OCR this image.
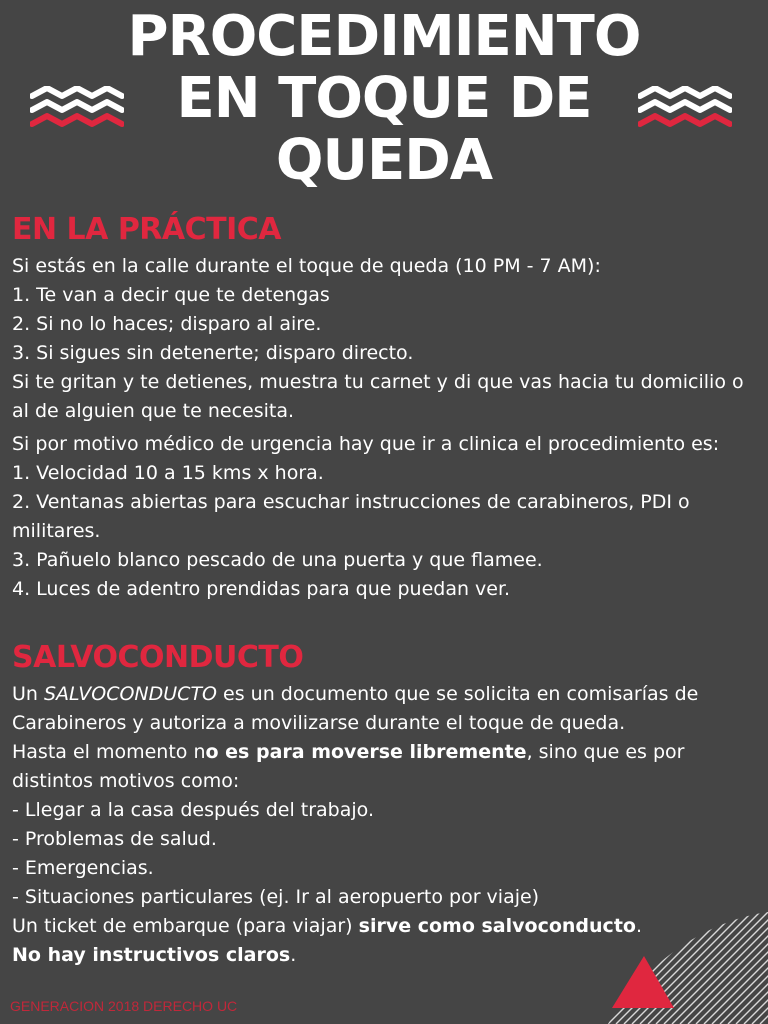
PROCEDIMIENTO
EN TOQUE DE
QUEDA
EN LA PRÁCTICA

Si estás en la calle durante el toque de queda (10 PM - 7 AM):

1. Te van a decir que te detengas

2. Si no lo haces; disparo al aire.

3. Si sigues sin detenerte; disparo directo.

Si te gritan y te detienes, muestra tu carnet y di que vas hacia tu domicilio o al de alguien que te necesita.

Si por motivo médico de urgencia hay que ir a clinica el procedimiento es:

1. Velocidad 10 a 15 kms x hora.

2. Ventanas abiertas para escuchar instrucciones de carabineros, PDI o militares.

3. Pañuelo blanco pescado de una puerta y que flamee.

4. Luces de adentro prendidas para que puedan ver.

SALVOCONDUCTO

Un SALVOCONDUCTO es un documento que se solicita en comisarías de Carabineros y autoriza a movilizarse durante el toque de queda.

Hasta el momento no es para moverse libremente, sino que es por distintos motivos como:

- Llegar a la casa después del trabajo.

- Problemas de salud.

- Emergencias.

- Situaciones particulares (ej. Ir al aeropuerto por viaje)

Un ticket de embarque (para viajar) sirve como salvoconducto.

No hay instructivos claros.

GENERACION 2018 DERECHO UC
